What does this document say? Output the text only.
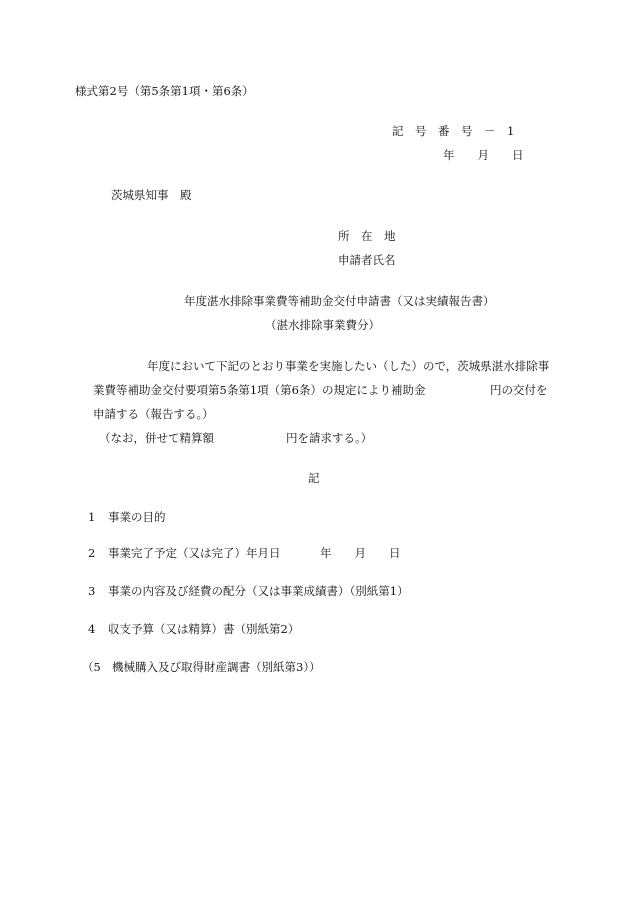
様式第2号（第5条第1項・第6条）
記　号　番　号　－　1
年　　月　　日
茨城県知事　殿
所　在　地
申請者氏名
年度湛水排除事業費等補助金交付申請書（又は実績報告書）
（湛水排除事業費分）
年度において下記のとおり事業を実施したい（した）ので，茨城県湛水排除事
業費等補助金交付要項第5条第1項（第6条）の規定により補助金	円の交付を
申請する（報告する。）
（なお，併せて精算額	円を請求する。）
記
1 事業の目的
2 事業完了予定（又は完了）年月日	年　　月　　日
3 事業の内容及び経費の配分（又は事業成績書）（別紙第1）
4 収支予算（又は精算）書（別紙第2）
（5 機械購入及び取得財産調書（別紙第3））
